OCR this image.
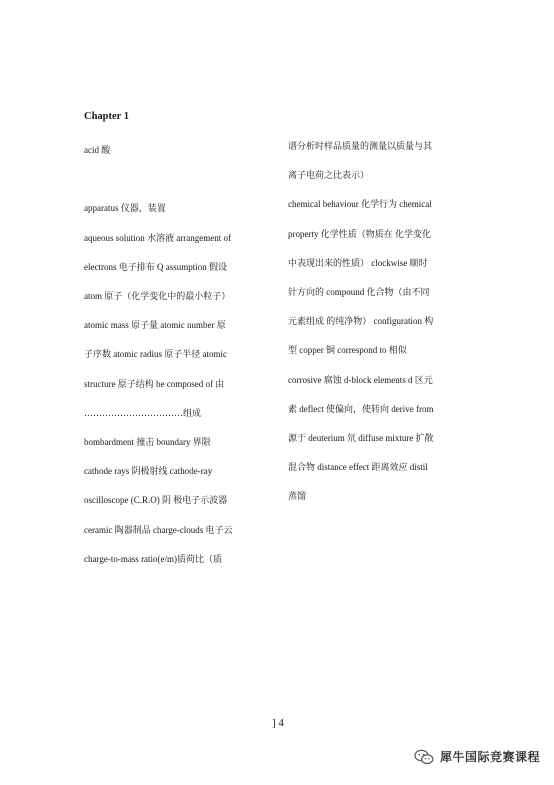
Chapter 1
acid 酸
apparatus 仪器，装置
aqueous solution 水溶液 arrangement of
electrons 电子排布 Q assumption 假设
atom 原子（化学变化中的最小粒子）
atomic mass 原子量 atomic number 原
子序数 atomic radius 原子半径 atomic
structure 原子结构 be composed of 由
……………………………组成
bombardment 撞击 boundary 界限
cathode rays 阴极射线 cathode-ray
oscilloscope (C.R.O) 阴 极电子示波器
ceramic 陶器制品 charge-clouds 电子云
charge-to-mass ratio(e/m)质荷比（质
谱分析时样品质量的测量以质量与其
离子电荷之比表示）
chemical behaviour 化学行为 chemical
property 化学性质（物质在 化学变化
中表现出来的性质） clockwise 顺时
针方向的 compound 化合物（由不同
元素组成 的纯净物） configuration 构
型 copper 铜 correspond to 相似
corrosive 腐蚀 d-block elements d 区元
素 deflect 使偏向，使转向 derive from
源于 deuterium 氘 diffuse mixture 扩散
混合物 distance effect 距离效应 distil
蒸馏
] 4
犀牛国际竞赛课程
